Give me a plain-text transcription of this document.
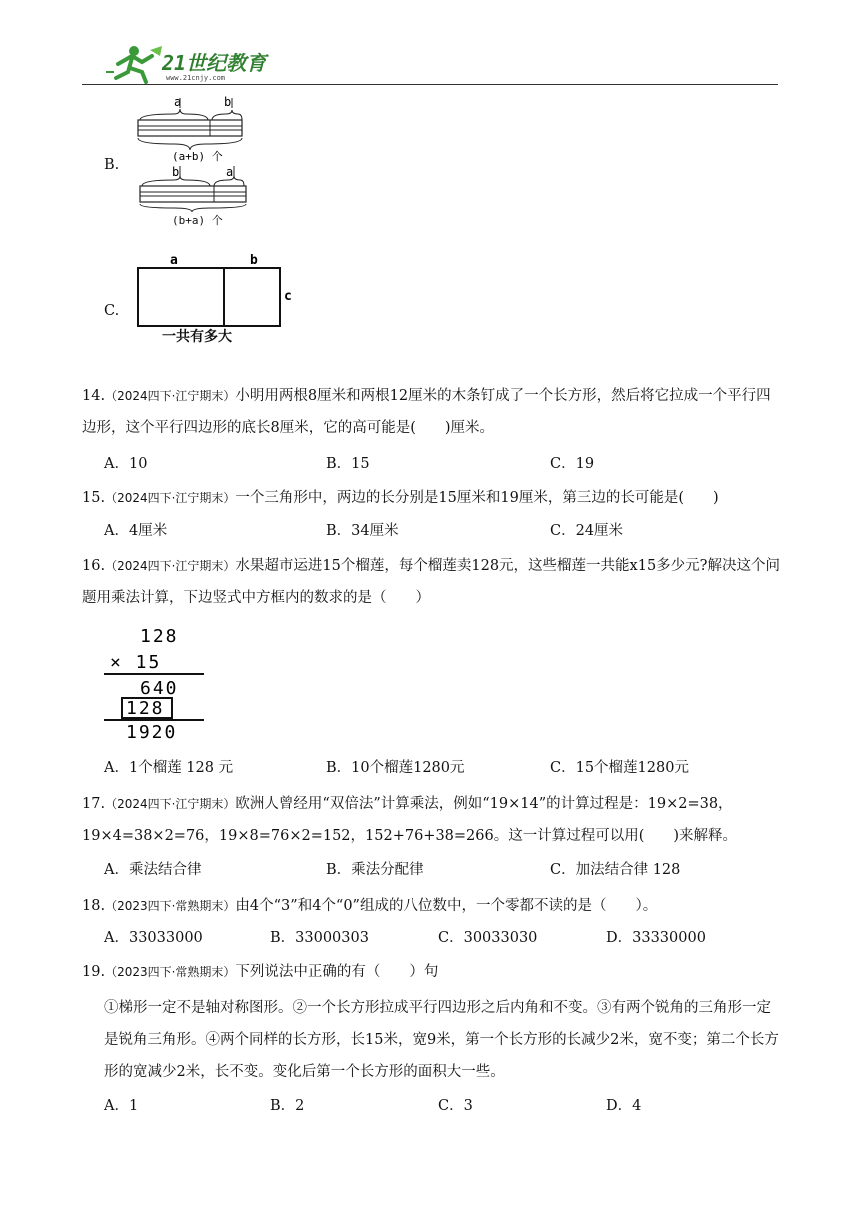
21世纪教育
www.21cnjy.com
B.
a	b
(a+b) 个
b	a
(b+a) 个
C.
a	b
c
一共有多大
14.（2024四下·江宁期末）小明用两根8厘米和两根12厘米的木条钉成了一个长方形，然后将它拉成一个平行四边形，这个平行四边形的底长8厘米，它的高可能是(　　)厘米。
A．10	B．15	C．19
15.（2024四下·江宁期末）一个三角形中，两边的长分别是15厘米和19厘米，第三边的长可能是(　　)
A．4厘米	B．34厘米	C．24厘米
16.（2024四下·江宁期末）水果超市运进15个榴莲，每个榴莲卖128元，这些榴莲一共能x15多少元?解决这个问题用乘法计算，下边竖式中方框内的数求的是（　　）
128
× 15
640
128
1920
A．1个榴莲 128 元	B．10个榴莲1280元	C．15个榴莲1280元
17.（2024四下·江宁期末）欧洲人曾经用“双倍法”计算乘法，例如“19×14”的计算过程是：19×2=38，19×4=38×2=76，19×8=76×2=152，152+76+38=266。这一计算过程可以用(　　)来解释。
A．乘法结合律	B．乘法分配律	C．加法结合律 128
18.（2023四下·常熟期末）由4个“3”和4个“0”组成的八位数中，一个零都不读的是（　　）。
A．33033000	B．33000303	C．30033030	D．33330000
19.（2023四下·常熟期末）下列说法中正确的有（　　）句
①梯形一定不是轴对称图形。②一个长方形拉成平行四边形之后内角和不变。③有两个锐角的三角形一定是锐角三角形。④两个同样的长方形，长15米，宽9米，第一个长方形的长减少2米，宽不变；第二个长方形的宽减少2米，长不变。变化后第一个长方形的面积大一些。
A．1	B．2	C．3	D．4
